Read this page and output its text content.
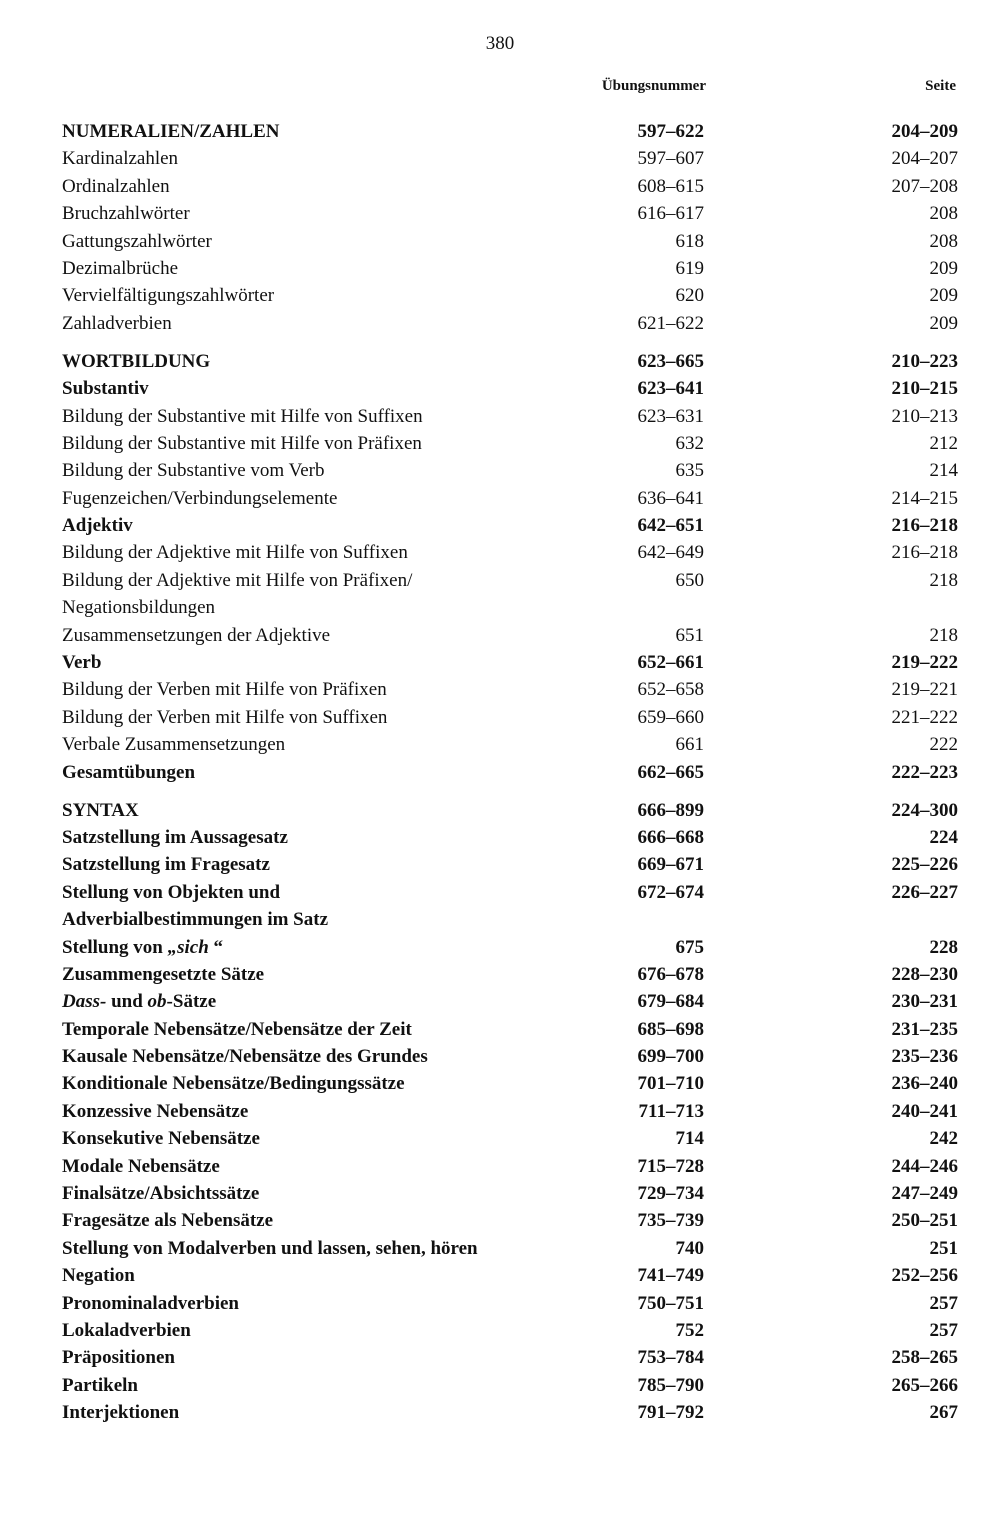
380
Übungsnummer	Seite
NUMERALIEN/ZAHLEN	597–622	204–209
Kardinalzahlen	597–607	204–207
Ordinalzahlen	608–615	207–208
Bruchzahlwörter	616–617	208
Gattungszahlwörter	618	208
Dezimalbrüche	619	209
Vervielfältigungszahlwörter	620	209
Zahladverbien	621–622	209
WORTBILDUNG	623–665	210–223
Substantiv	623–641	210–215
Bildung der Substantive mit Hilfe von Suffixen	623–631	210–213
Bildung der Substantive mit Hilfe von Präfixen	632	212
Bildung der Substantive vom Verb	635	214
Fugenzeichen/Verbindungselemente	636–641	214–215
Adjektiv	642–651	216–218
Bildung der Adjektive mit Hilfe von Suffixen	642–649	216–218
Bildung der Adjektive mit Hilfe von Präfixen/	650	218
Negationsbildungen
Zusammensetzungen der Adjektive	651	218
Verb	652–661	219–222
Bildung der Verben mit Hilfe von Präfixen	652–658	219–221
Bildung der Verben mit Hilfe von Suffixen	659–660	221–222
Verbale Zusammensetzungen	661	222
Gesamtübungen	662–665	222–223
SYNTAX	666–899	224–300
Satzstellung im Aussagesatz	666–668	224
Satzstellung im Fragesatz	669–671	225–226
Stellung von Objekten und	672–674	226–227
Adverbialbestimmungen im Satz
Stellung von „sich “	675	228
Zusammengesetzte Sätze	676–678	228–230
Dass- und ob-Sätze	679–684	230–231
Temporale Nebensätze/Nebensätze der Zeit	685–698	231–235
Kausale Nebensätze/Nebensätze des Grundes	699–700	235–236
Konditionale Nebensätze/Bedingungssätze	701–710	236–240
Konzessive Nebensätze	711–713	240–241
Konsekutive Nebensätze	714	242
Modale Nebensätze	715–728	244–246
Finalsätze/Absichtssätze	729–734	247–249
Fragesätze als Nebensätze	735–739	250–251
Stellung von Modalverben und lassen, sehen, hören	740	251
Negation	741–749	252–256
Pronominaladverbien	750–751	257
Lokaladverbien	752	257
Präpositionen	753–784	258–265
Partikeln	785–790	265–266
Interjektionen	791–792	267
